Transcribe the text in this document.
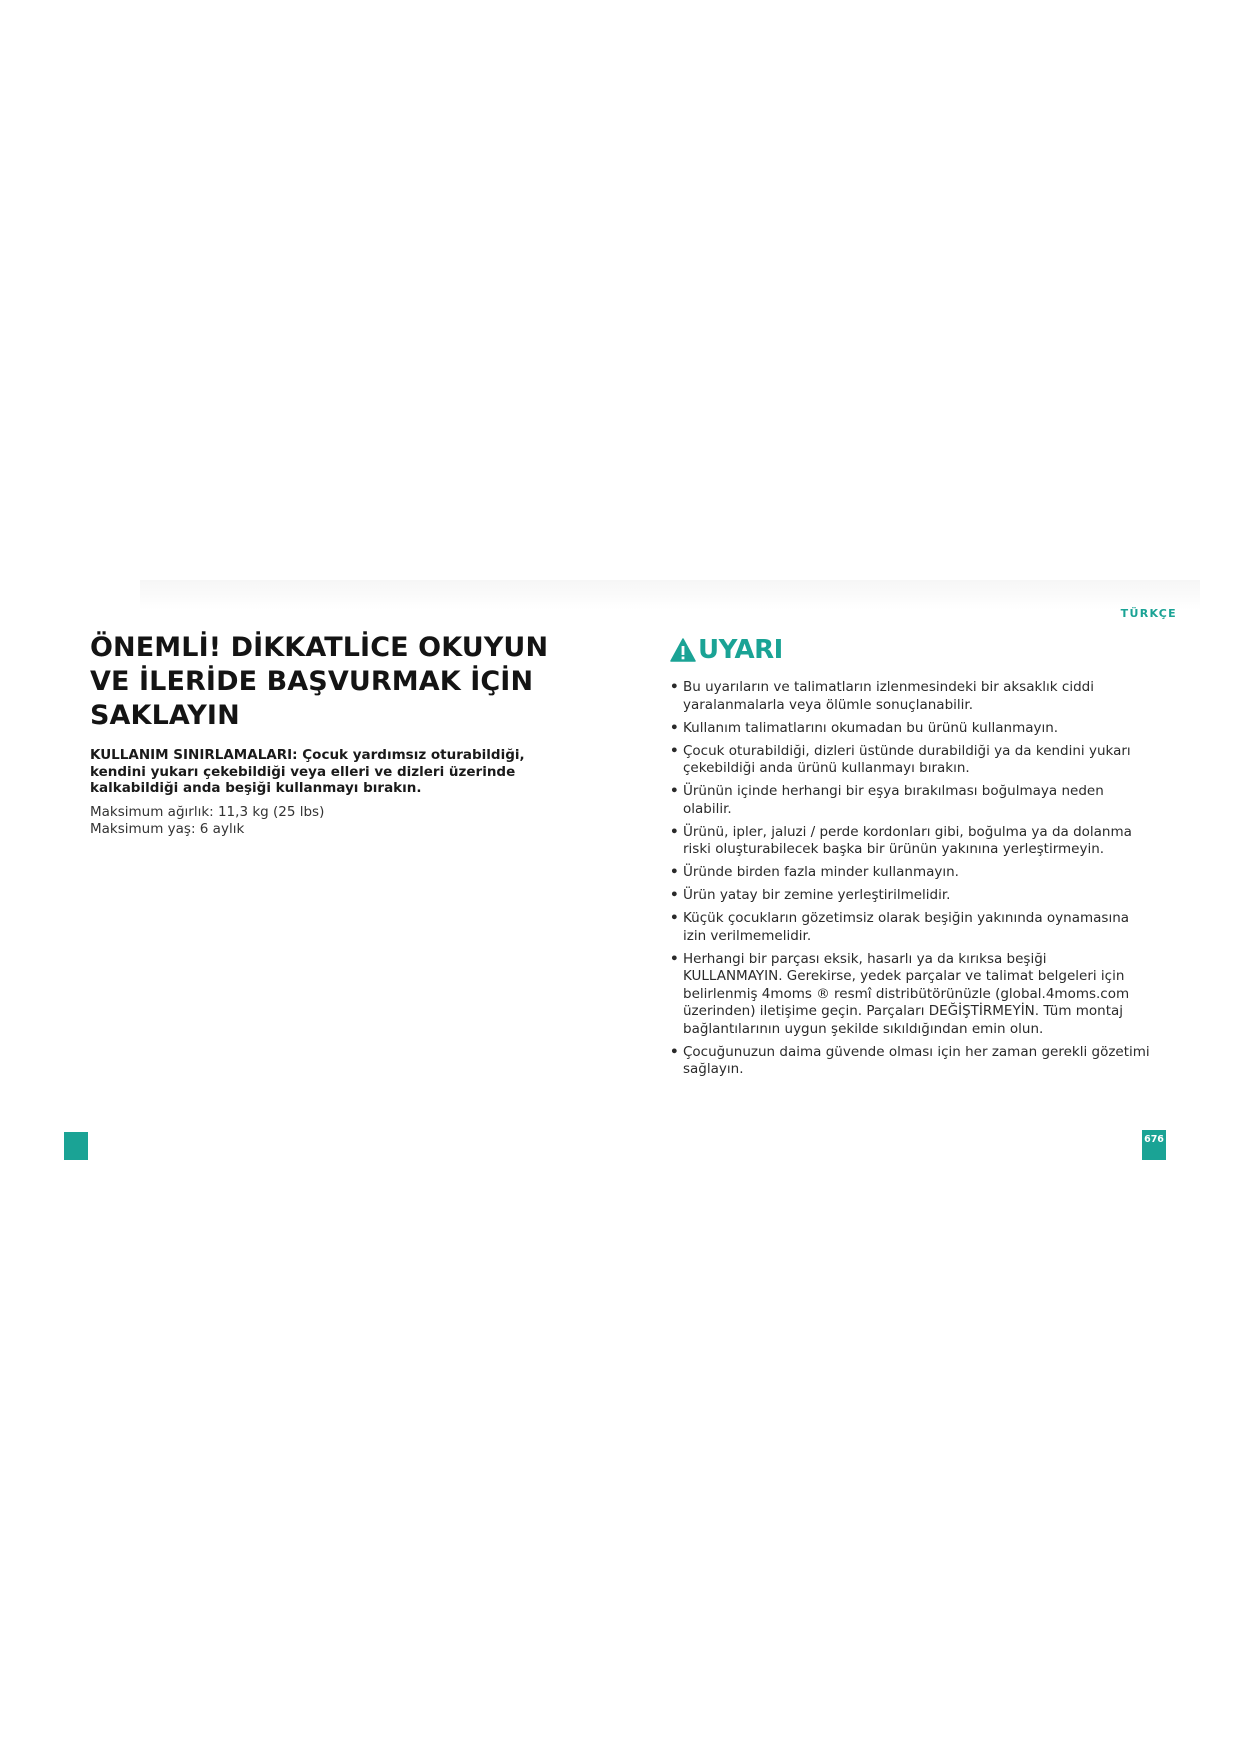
TÜRKÇE
ÖNEMLİ! DİKKATLİCE OKUYUN
VE İLERİDE BAŞVURMAK İÇİN
SAKLAYIN

KULLANIM SINIRLAMALARI: Çocuk yardımsız oturabildiği, kendini yukarı çekebildiği veya elleri ve dizleri üzerinde kalkabildiği anda beşiği kullanmayı bırakın.

Maksimum ağırlık: 11,3 kg (25 lbs)
Maksimum yaş: 6 aylık
UYARI
• Bu uyarıların ve talimatların izlenmesindeki bir aksaklık ciddi yaralanmalarla veya ölümle sonuçlanabilir.
• Kullanım talimatlarını okumadan bu ürünü kullanmayın.
• Çocuk oturabildiği, dizleri üstünde durabildiği ya da kendini yukarı çekebildiği anda ürünü kullanmayı bırakın.
• Ürünün içinde herhangi bir eşya bırakılması boğulmaya neden olabilir.
• Ürünü, ipler, jaluzi / perde kordonları gibi, boğulma ya da dolanma riski oluşturabilecek başka bir ürünün yakınına yerleştirmeyin.
• Üründe birden fazla minder kullanmayın.
• Ürün yatay bir zemine yerleştirilmelidir.
• Küçük çocukların gözetimsiz olarak beşiğin yakınında oynamasına izin verilmemelidir.
• Herhangi bir parçası eksik, hasarlı ya da kırıksa beşiği KULLANMAYIN. Gerekirse, yedek parçalar ve talimat belgeleri için belirlenmiş 4moms ® resmî distribütörünüzle (global.4moms.com üzerinden) iletişime geçin. Parçaları DEĞİŞTİRMEYİN. Tüm montaj bağlantılarının uygun şekilde sıkıldığından emin olun.
• Çocuğunuzun daima güvende olması için her zaman gerekli gözetimi sağlayın.
676
